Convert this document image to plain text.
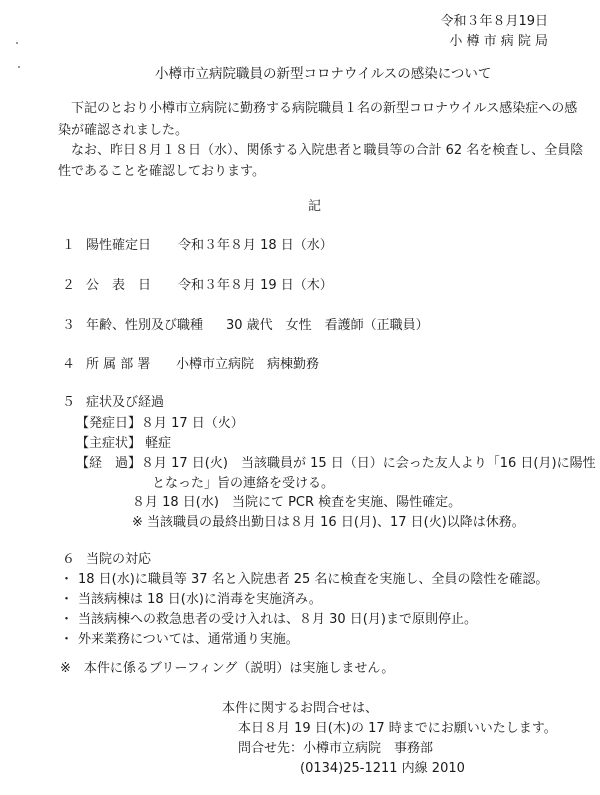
令和３年８月19日
小 樽 市 病 院 局
小樽市立病院職員の新型コロナウイルスの感染について
　下記のとおり小樽市立病院に勤務する病院職員１名の新型コロナウイルス感染症への感
染が確認されました。
　なお、昨日８月１８日（水）、関係する入院患者と職員等の合計 62 名を検査し、全員陰
性であることを確認しております。
記
１ 陽性確定日 令和３年８月 18 日（水）
２ 公　表　日 令和３年８月 19 日（木）
３ 年齢、性別及び職種 30 歳代　女性　看護師（正職員）
４ 所 属 部 署 小樽市立病院　病棟勤務
５ 症状及び経過
【発症日】８月 17 日（火）
【主症状】 軽症
【経　過】８月 17 日(火)　当該職員が 15 日（日）に会った友人より「16 日(月)に陽性
となった」旨の連絡を受ける。
８月 18 日(水)　当院にて PCR 検査を実施、陽性確定。
※ 当該職員の最終出勤日は８月 16 日(月)、17 日(火)以降は休務。
６ 当院の対応
・ 18 日(水)に職員等 37 名と入院患者 25 名に検査を実施し、全員の陰性を確認。
・ 当該病棟は 18 日(水)に消毒を実施済み。
・ 当該病棟への救急患者の受け入れは、８月 30 日(月)まで原則停止。
・ 外来業務については、通常通り実施。
※　本件に係るブリーフィング（説明）は実施しません。
本件に関するお問合せは、
本日８月 19 日(木)の 17 時までにお願いいたします。
問合せ先：小樽市立病院　事務部
(0134)25-1211 内線 2010
